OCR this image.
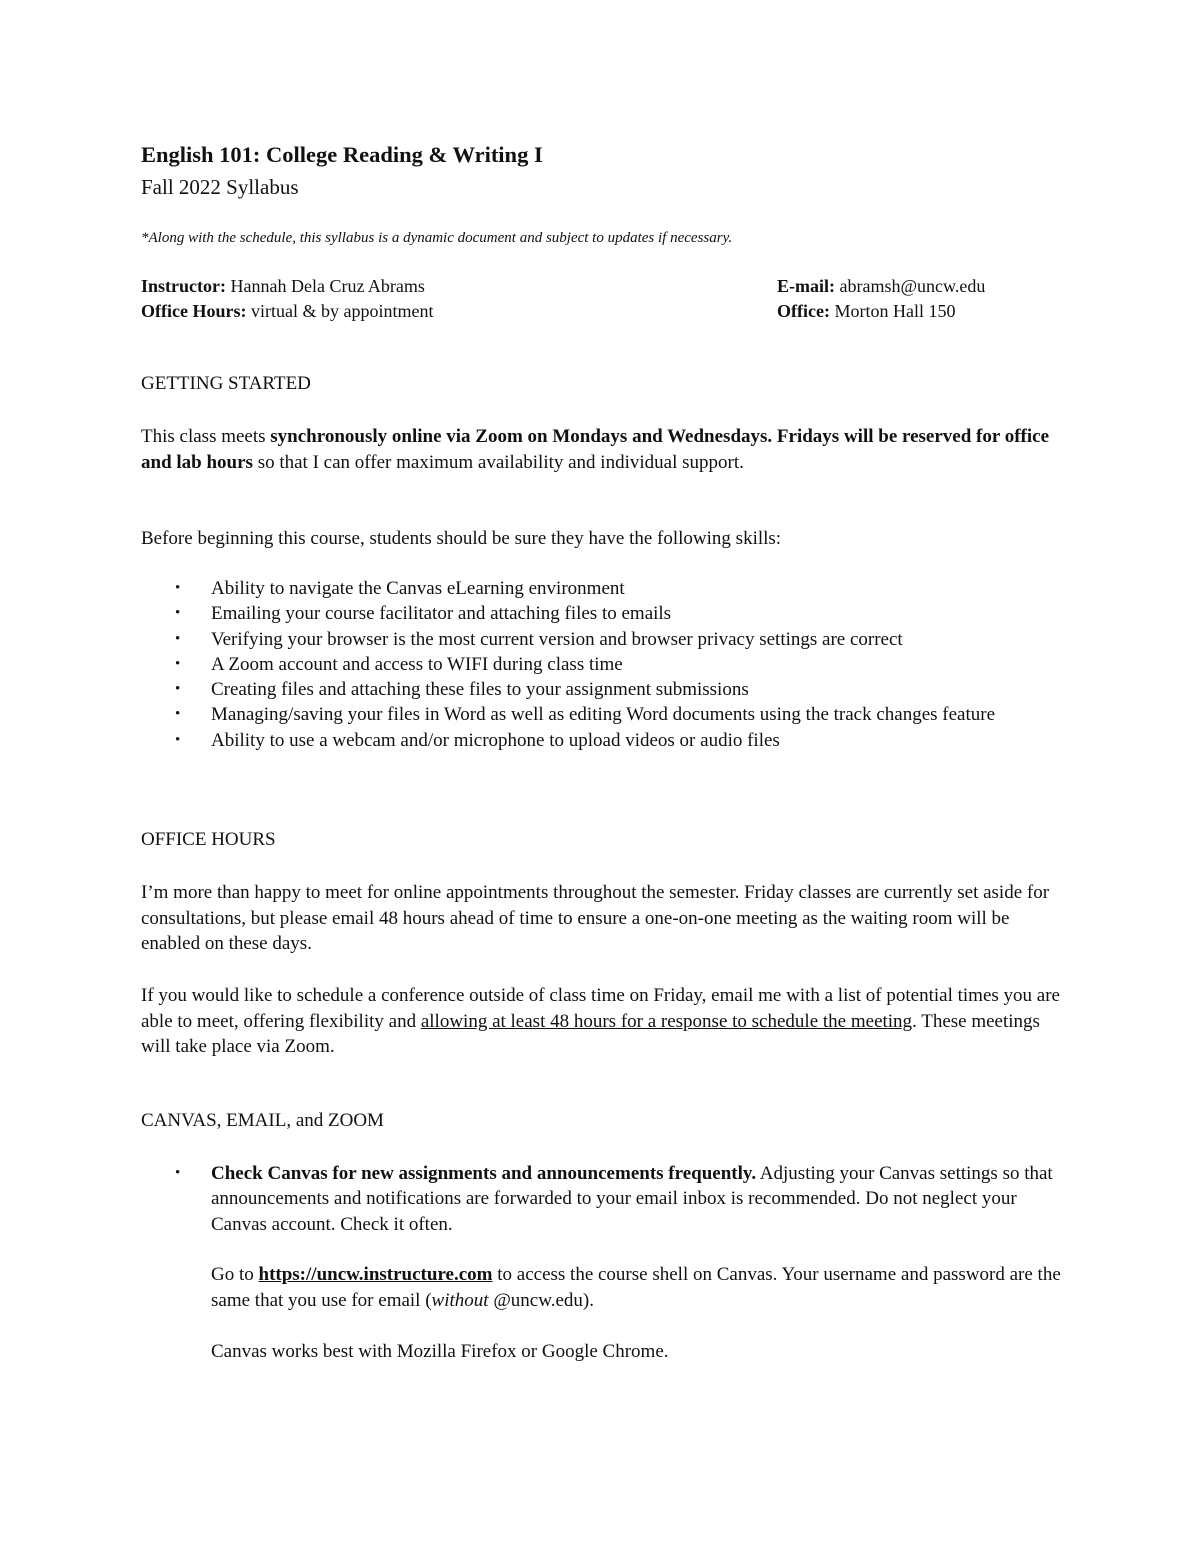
English 101: College Reading & Writing I
Fall 2022 Syllabus
*Along with the schedule, this syllabus is a dynamic document and subject to updates if necessary.
Instructor: Hannah Dela Cruz Abrams
Office Hours: virtual & by appointment
E-mail: abramsh@uncw.edu
Office: Morton Hall 150
GETTING STARTED
This class meets synchronously online via Zoom on Mondays and Wednesdays. Fridays will be reserved for office and lab hours so that I can offer maximum availability and individual support.
Before beginning this course, students should be sure they have the following skills:
• Ability to navigate the Canvas eLearning environment
• Emailing your course facilitator and attaching files to emails
• Verifying your browser is the most current version and browser privacy settings are correct
• A Zoom account and access to WIFI during class time
• Creating files and attaching these files to your assignment submissions
• Managing/saving your files in Word as well as editing Word documents using the track changes feature
• Ability to use a webcam and/or microphone to upload videos or audio files
OFFICE HOURS
I’m more than happy to meet for online appointments throughout the semester. Friday classes are currently set aside for consultations, but please email 48 hours ahead of time to ensure a one-on-one meeting as the waiting room will be enabled on these days.
If you would like to schedule a conference outside of class time on Friday, email me with a list of potential times you are able to meet, offering flexibility and allowing at least 48 hours for a response to schedule the meeting. These meetings will take place via Zoom.
CANVAS, EMAIL, and ZOOM
• Check Canvas for new assignments and announcements frequently. Adjusting your Canvas settings so that announcements and notifications are forwarded to your email inbox is recommended. Do not neglect your Canvas account. Check it often.
Go to https://uncw.instructure.com to access the course shell on Canvas. Your username and password are the same that you use for email (without @uncw.edu).
Canvas works best with Mozilla Firefox or Google Chrome.
